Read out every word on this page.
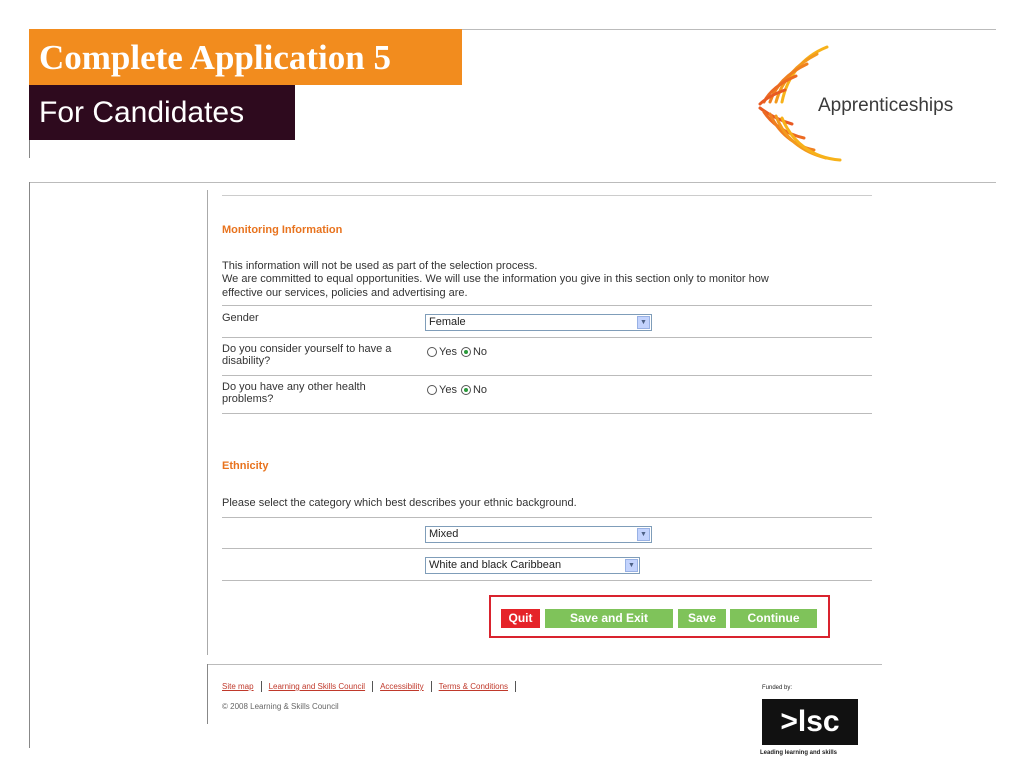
Complete Application 5
For Candidates	Apprenticeships
Monitoring Information
This information will not be used as part of the selection process.
We are committed to equal opportunities. We will use the information you give in this section only to monitor how
effective our services, policies and advertising are.
Gender	Female	▼
Do you consider yourself to have a disability?
Yes No
Do you have any other health problems?
Yes No
Ethnicity
Please select the category which best describes your ethnic background.
Mixed	▼
White and black Caribbean	▼
Quit	Save and Exit	Save	Continue
Site map Learning and Skills Council Accessibility Terms & Conditions
© 2008 Learning & Skills Council
Funded by:
>lsc
Leading learning and skills
